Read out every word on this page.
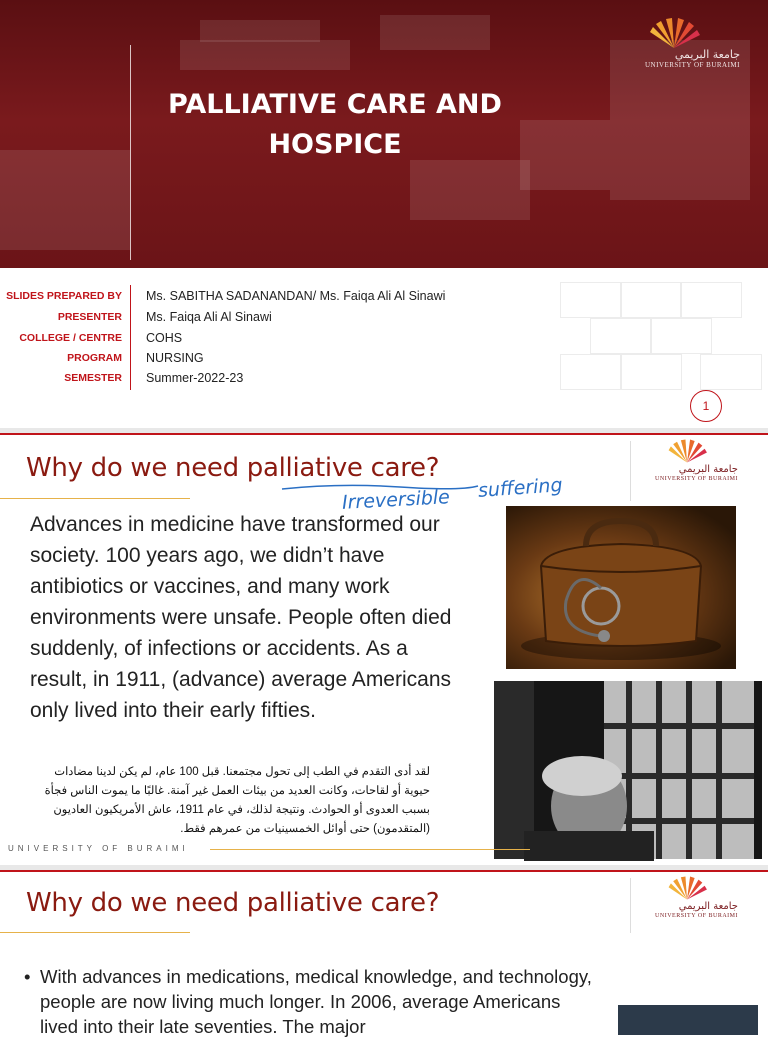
PALLIATIVE CARE AND
HOSPICE
جامعة البريمي
UNIVERSITY OF BURAIMI
SLIDES PREPARED BY Ms. SABITHA SADANANDAN/ Ms. Faiqa Ali Al Sinawi
PRESENTER Ms. Faiqa Ali Al Sinawi
COLLEGE / CENTRE COHS
PROGRAM NURSING
SEMESTER Summer-2022-23
1
Why do we need palliative care?
Irreversible suffering
جامعة البريمي
UNIVERSITY OF BURAIMI
Advances in medicine have transformed our society. 100 years ago, we didn’t have antibiotics or vaccines, and many work environments were unsafe. People often died suddenly, of infections or accidents. As a result, in 1911, (advance) average Americans only lived into their early fifties.
لقد أدى التقدم في الطب إلى تحول مجتمعنا. قبل 100 عام، لم يكن لدينا مضادات حيوية أو لقاحات، وكانت العديد من بيئات العمل غير آمنة. غالبًا ما يموت الناس فجأة بسبب العدوى أو الحوادث. ونتيجة لذلك، في عام 1911، عاش الأمريكيون العاديون (المتقدمون) حتى أوائل الخمسينيات من عمرهم فقط.
UNIVERSITY OF BURAIMI
Why do we need palliative care?	جامعة البريمي
UNIVERSITY OF BURAIMI
• With advances in medications, medical knowledge, and technology, people are now living much longer. In 2006, average Americans lived into their late seventies. The major
